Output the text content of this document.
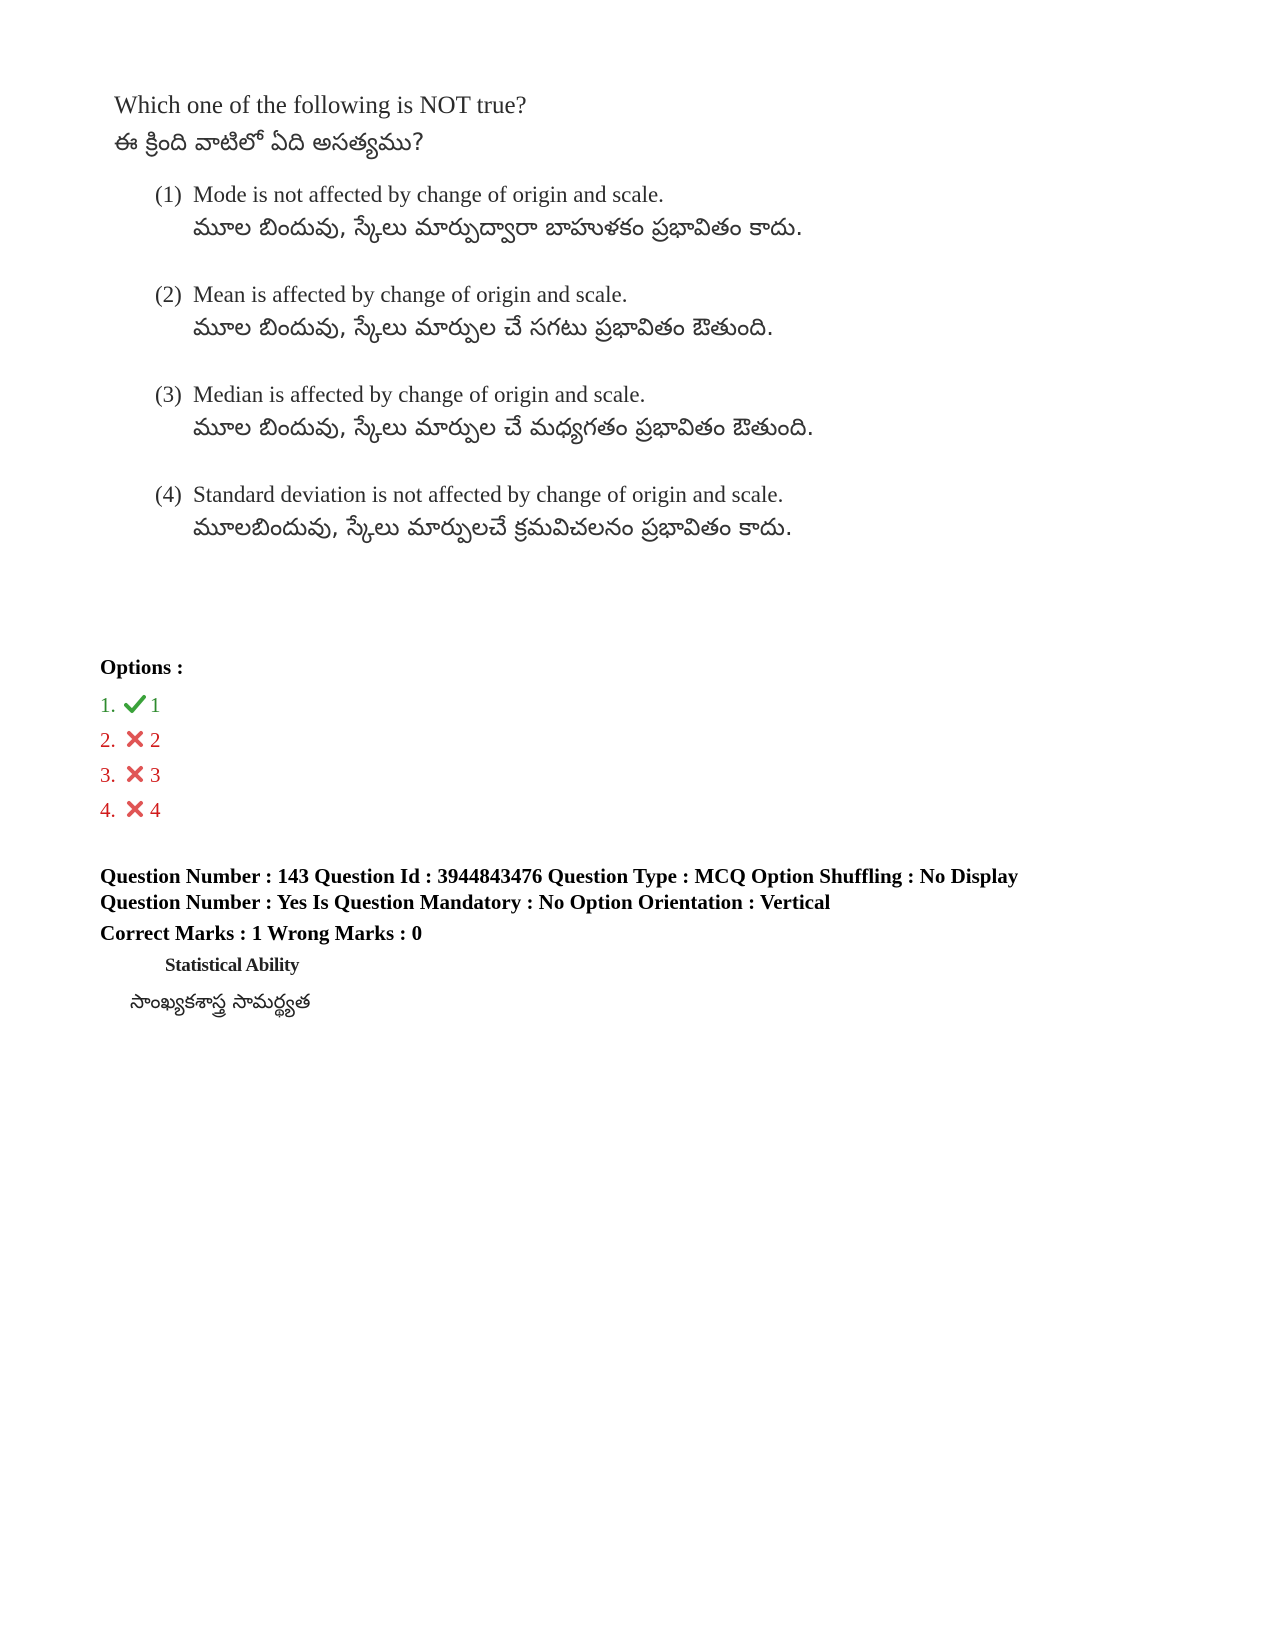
Which one of the following is NOT true?
ఈ క్రింది వాటిలో ఏది అసత్యము?
(1) Mode is not affected by change of origin and scale.
మూల బిందువు, స్కేలు మార్పుద్వారా బాహుళకం ప్రభావితం కాదు.
(2) Mean is affected by change of origin and scale.
మూల బిందువు, స్కేలు మార్పుల చే సగటు ప్రభావితం ఔతుంది.
(3) Median is affected by change of origin and scale.
మూల బిందువు, స్కేలు మార్పుల చే మధ్యగతం ప్రభావితం ఔతుంది.
(4) Standard deviation is not affected by change of origin and scale.
మూలబిందువు, స్కేలు మార్పులచే క్రమవిచలనం ప్రభావితం కాదు.
Options :
1.	1
2.	2
3.	3
4.	4
Question Number : 143 Question Id : 3944843476 Question Type : MCQ Option Shuffling : No Display
Question Number : Yes Is Question Mandatory : No Option Orientation : Vertical
Correct Marks : 1 Wrong Marks : 0
Statistical Ability
సాంఖ్యకశాస్త్ర సామర్థ్యత
